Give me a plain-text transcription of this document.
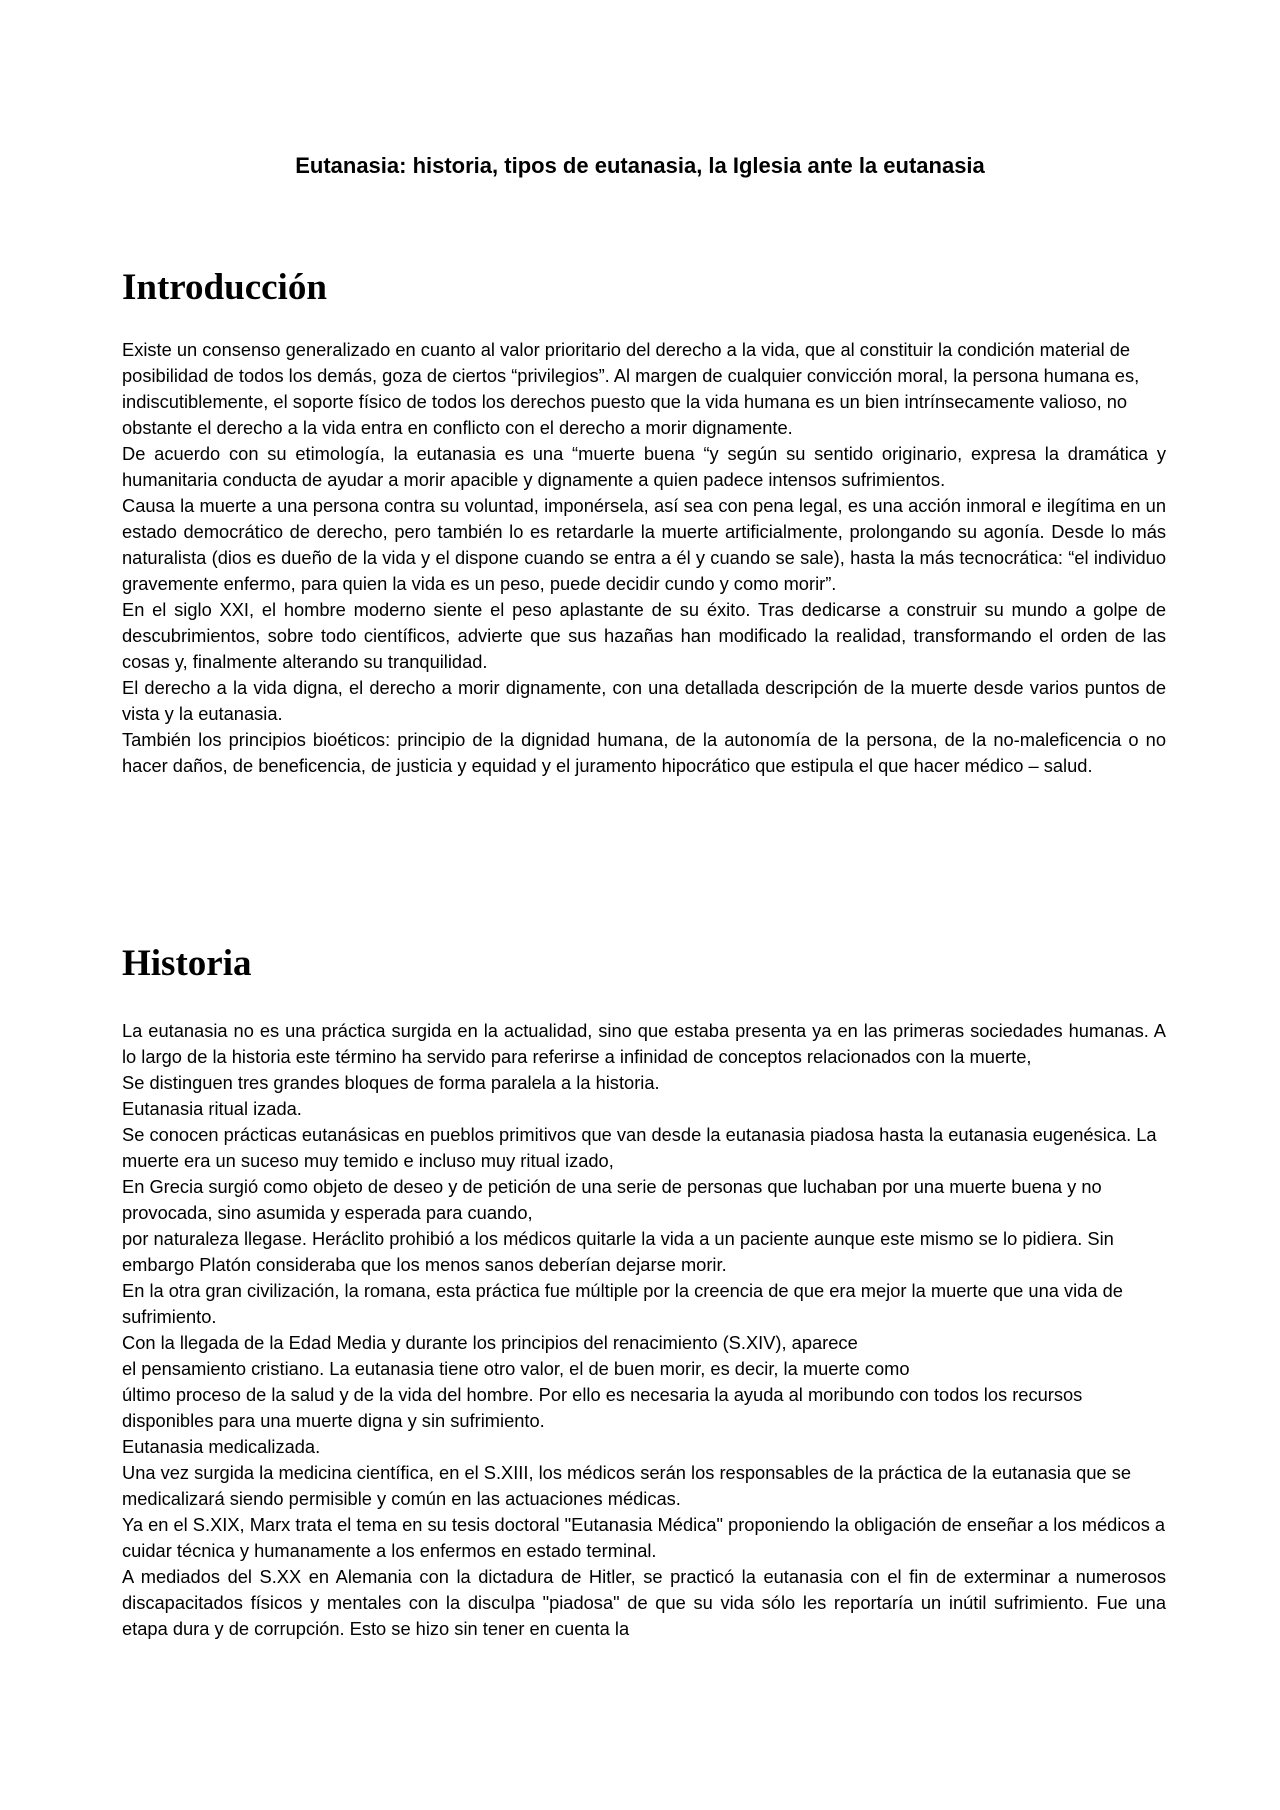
Eutanasia: historia, tipos de eutanasia, la Iglesia ante la eutanasia
Introducción

Existe un consenso generalizado en cuanto al valor prioritario del derecho a la vida, que al constituir la condición material de posibilidad de todos los demás, goza de ciertos “privilegios”. Al margen de cualquier convicción moral, la persona humana es, indiscutiblemente, el soporte físico de todos los derechos puesto que la vida humana es un bien intrínsecamente valioso, no obstante el derecho a la vida entra en conflicto con el derecho a morir dignamente.

De acuerdo con su etimología, la eutanasia es una “muerte buena “y según su sentido originario, expresa la dramática y humanitaria conducta de ayudar a morir apacible y dignamente a quien padece intensos sufrimientos.

Causa la muerte a una persona contra su voluntad, imponérsela, así sea con pena legal, es una acción inmoral e ilegítima en un estado democrático de derecho, pero también lo es retardarle la muerte artificialmente, prolongando su agonía. Desde lo más naturalista (dios es dueño de la vida y el dispone cuando se entra a él y cuando se sale), hasta la más tecnocrática: “el individuo gravemente enfermo, para quien la vida es un peso, puede decidir cundo y como morir”.

En el siglo XXI, el hombre moderno siente el peso aplastante de su éxito. Tras dedicarse a construir su mundo a golpe de descubrimientos, sobre todo científicos, advierte que sus hazañas han modificado la realidad, transformando el orden de las cosas y, finalmente alterando su tranquilidad.

El derecho a la vida digna, el derecho a morir dignamente, con una detallada descripción de la muerte desde varios puntos de vista y la eutanasia.

También los principios bioéticos: principio de la dignidad humana, de la autonomía de la persona, de la no-maleficencia o no hacer daños, de beneficencia, de justicia y equidad y el juramento hipocrático que estipula el que hacer médico – salud.

Historia

La eutanasia no es una práctica surgida en la actualidad, sino que estaba presenta ya en las primeras sociedades humanas. A lo largo de la historia este término ha servido para referirse a infinidad de conceptos relacionados con la muerte,

Se distinguen tres grandes bloques de forma paralela a la historia.

Eutanasia ritual izada.

Se conocen prácticas eutanásicas en pueblos primitivos que van desde la eutanasia piadosa hasta la eutanasia eugenésica. La muerte era un suceso muy temido e incluso muy ritual izado,

En Grecia surgió como objeto de deseo y de petición de una serie de personas que luchaban por una muerte buena y no provocada, sino asumida y esperada para cuando,

por naturaleza llegase. Heráclito prohibió a los médicos quitarle la vida a un paciente aunque este mismo se lo pidiera. Sin embargo Platón consideraba que los menos sanos deberían dejarse morir.

En la otra gran civilización, la romana, esta práctica fue múltiple por la creencia de que era mejor la muerte que una vida de sufrimiento.

Con la llegada de la Edad Media y durante los principios del renacimiento (S.XIV), aparece

el pensamiento cristiano. La eutanasia tiene otro valor, el de buen morir, es decir, la muerte como

último proceso de la salud y de la vida del hombre. Por ello es necesaria la ayuda al moribundo con todos los recursos disponibles para una muerte digna y sin sufrimiento.

Eutanasia medicalizada.

Una vez surgida la medicina científica, en el S.XIII, los médicos serán los responsables de la práctica de la eutanasia que se medicalizará siendo permisible y común en las actuaciones médicas.

Ya en el S.XIX, Marx trata el tema en su tesis doctoral "Eutanasia Médica" proponiendo la obligación de enseñar a los médicos a cuidar técnica y humanamente a los enfermos en estado terminal.

A mediados del S.XX en Alemania con la dictadura de Hitler, se practicó la eutanasia con el fin de exterminar a numerosos discapacitados físicos y mentales con la disculpa "piadosa" de que su vida sólo les reportaría un inútil sufrimiento. Fue una etapa dura y de corrupción. Esto se hizo sin tener en cuenta la
